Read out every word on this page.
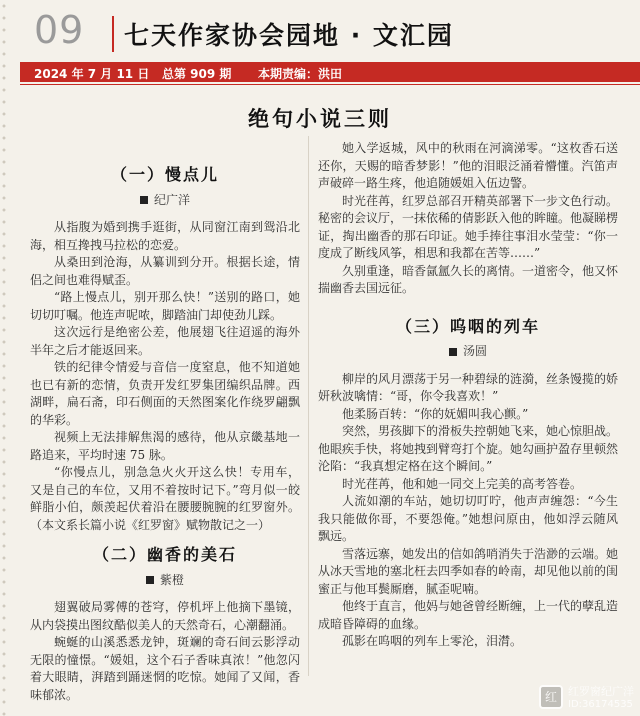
09 七天作家协会园地 · 文汇园
2024 年 7 月 11 日 总第 909 期 本期责编：洪田
绝句小说三则
（一）慢点儿
纪广洋

从指腹为婚到携手逛街，从同窗江南到鸳沿北海，相互搀拽马拉松的恋爱。

从桑田到沧海，从纂训到分开。根据长途，情侣之间也难得赋歪。

“路上慢点儿，别开那么快！”送别的路口，她切切叮嘱。他连声呢哝，脚踏油门却使劲儿踩。

这次远行是绝密公差，他展翅飞往迢遥的海外半年之后才能返回来。

铁的纪律令情爱与音信一度窒息，他不知道她也已有新的恋情，负责开发红罗集团编织品牌。西湖畔，扁石斋，印石侧面的天然图案化作绕罗翩飘的华彩。

视频上无法排解焦渴的感待，他从京畿基地一路追来，平均时速 75 脉。

“你慢点儿，别急急火火开这么快！专用车，又是自己的车位，又用不着按时记下。”弯月似一皎鲜脂小伯，颇羡起伏着沿在腰腰腕腕的红罗窗外。（本文系长篇小说《红罗窗》赋物散记之一）

（二）幽香的美石
紫橙

翅翼破局雾傅的苍穹，停机坪上他摘下墨镜，从内袋摸出图纹酷似美人的天然奇石，心潮翻涌。

蜿蜒的山溪悉悉龙钟，斑斓的奇石间云影浮动无限的憧憬。“媛姐，这个石子香味真浓！”他忽闪着大眼睛，湃踏到踊迷惘的吃惊。她闻了又闻，香味郁浓。

她入学返城，风中的秋雨在河滴涕零。“这枚香石送还你，天赐的暗香梦影！”他的泪眼泛涌着懵懂。汽笛声声破碎一路生疼，他追随媛姐入伍边警。

时光荏苒，红罗总部召开精英部署下一步文色行动。秘密的会议厅，一抹依稀的倩影跃入他的眸瞳。他凝睇楞证，掏出幽香的那石印证。她手捧往事泪水莹莹：“你一度成了断线风筝，相思和我都在苦等……”

久别重逢，暗香氤氲久长的离情。一道密令，他又怀揣幽香去国远征。

（三）呜咽的列车
汤圆

柳岸的风月漂荡于另一种碧绿的涟漪，丝条馒揽的娇妍秋波噙情：“哥，你令我喜欢！”

他柔肠百转：“你的妩媚叫我心颤。”

突然，男孩脚下的滑板失控朝她飞来，她心惊胆战。他眼疾手快，将她拽到臂弯打个旋。她勾画护盈存里顿然沦陷：“我真想定格在这个瞬间。”

时光荏苒，他和她一同交上完美的高考答卷。

人流如潮的车站，她切切叮咛，他声声缠怨：“今生我只能做你哥，不要怨俺。”她想问原由，他如浮云随风飘远。

雪落远寨，她发出的信如鸽哨消失于浩渺的云端。她从冰天雪地的塞北枉去四季如春的岭南，却见他以前的闺蜜正与他耳鬓厮磨，腻歪呢喃。

他终于直言，他妈与她爸曾经断缠，上一代的孽乱造成暗昏障碍的血缘。

孤影在呜咽的列车上零沦，泪潸。

红	红罗窗纪广洋
ID:36174535
